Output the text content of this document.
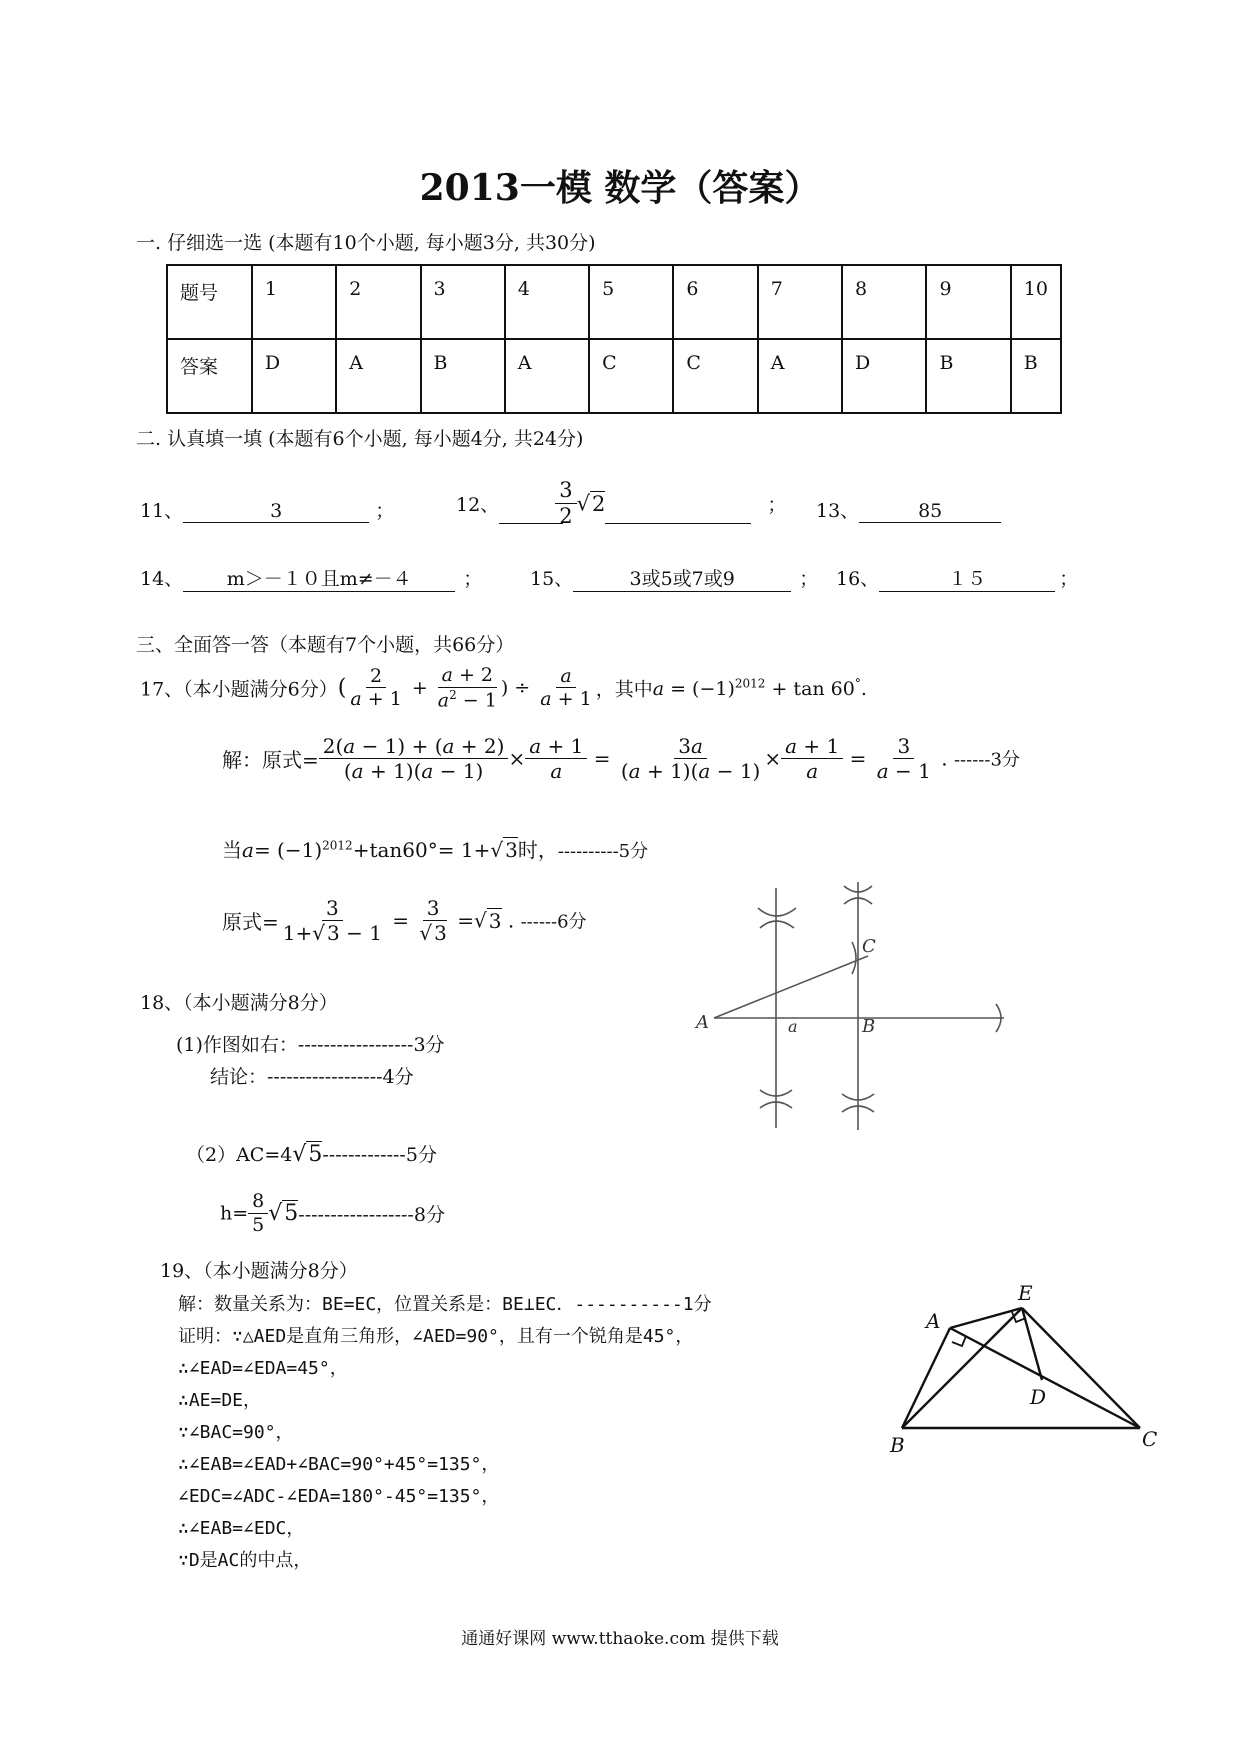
2013一模 数学（答案）
一. 仔细选一选 (本题有10个小题, 每小题3分, 共30分)
题号	1	2	3	4	5	6	7	8	9	10
答案	D	A	B	A	C	C	A	D	B	B
二. 认真填一填 (本题有6个小题, 每小题4分, 共24分)
11、	3	；	12、	$\frac{3}{2} √2$	； 13、	85
14、 m＞－１０且m≠－４	；	15、	3或5或7或9	； 16、	１５	；
三、全面答一答（本题有7个小题，共66分）
17、（本小题满分6分）( $\frac{2}{a + 1} + \frac{a + 2}{a^2 - 1}$ ) ÷ $\frac{a}{a + 1}$ ，其中$a = (-1)^{2012} + \tan 60^\circ$.
解：原式= $\frac{2(a - 1) + (a + 2)}{(a + 1)(a - 1)} \times \frac{a + 1}{a} = \frac{3a}{(a + 1)(a - 1)} \times \frac{a + 1}{a} = \frac{3}{a - 1}$ . ------3分
当$a= (-1)^{2012}+\tan 60^\circ= 1+√$ 3时，----------5分
原式= $\frac{3}{1+√ 3 - 1} = \frac{3}{√ 3}$ =√ 3 . ------6分
18、（本小题满分8分）
(1)作图如右：------------------3分
结论：------------------4分
（2）AC=4√5-------------5分
$h= \frac{8}{5} √5------------------8$分
A	a	B
C
19、（本小题满分8分）
解：数量关系为：BE=EC，位置关系是：BE⊥EC．----------1分
证明：∵△AED是直角三角形，∠AED=90°，且有一个锐角是45°，
∴∠EAD=∠EDA=45°，
∴AE=DE，
∵∠BAC=90°，
∴∠EAB=∠EAD+∠BAC=90°+45°=135°，
∠EDC=∠ADC-∠EDA=180°-45°=135°，
∴∠EAB=∠EDC，
∵D是AC的中点，
A
E
D
B	C
通通好课网 www.tthaoke.com 提供下载
